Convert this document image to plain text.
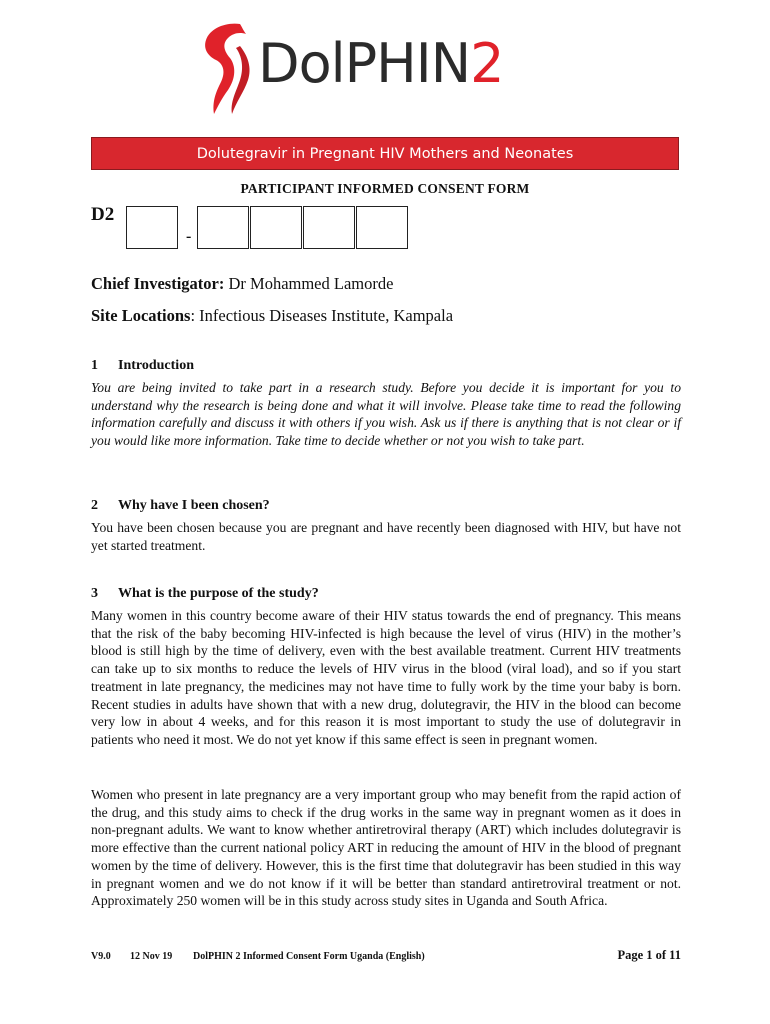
DolPHIN2
Dolutegravir in Pregnant HIV Mothers and Neonates
PARTICIPANT INFORMED CONSENT FORM
D2
-
Chief Investigator: Dr Mohammed Lamorde
Site Locations: Infectious Diseases Institute, Kampala
1 Introduction

You are being invited to take part in a research study. Before you decide it is important for you to understand why the research is being done and what it will involve. Please take time to read the following information carefully and discuss it with others if you wish. Ask us if there is anything that is not clear or if you would like more information. Take time to decide whether or not you wish to take part.

2 Why have I been chosen?

You have been chosen because you are pregnant and have recently been diagnosed with HIV, but have not yet started treatment.

3 What is the purpose of the study?

Many women in this country become aware of their HIV status towards the end of pregnancy. This means that the risk of the baby becoming HIV-infected is high because the level of virus (HIV) in the mother’s blood is still high by the time of delivery, even with the best available treatment. Current HIV treatments can take up to six months to reduce the levels of HIV virus in the blood (viral load), and so if you start treatment in late pregnancy, the medicines may not have time to fully work by the time your baby is born. Recent studies in adults have shown that with a new drug, dolutegravir, the HIV in the blood can become very low in about 4 weeks, and for this reason it is most important to study the use of dolutegravir in patients who need it most. We do not yet know if this same effect is seen in pregnant women.

Women who present in late pregnancy are a very important group who may benefit from the rapid action of the drug, and this study aims to check if the drug works in the same way in pregnant women as it does in non-pregnant adults. We want to know whether antiretroviral therapy (ART) which includes dolutegravir is more effective than the current national policy ART in reducing the amount of HIV in the blood of pregnant women by the time of delivery. However, this is the first time that dolutegravir has been studied in this way in pregnant women and we do not know if it will be better than standard antiretroviral treatment or not. Approximately 250 women will be in this study across study sites in Uganda and South Africa.

V9.0 12 Nov 19 DolPHIN 2 Informed Consent Form Uganda (English)	Page 1 of 11
